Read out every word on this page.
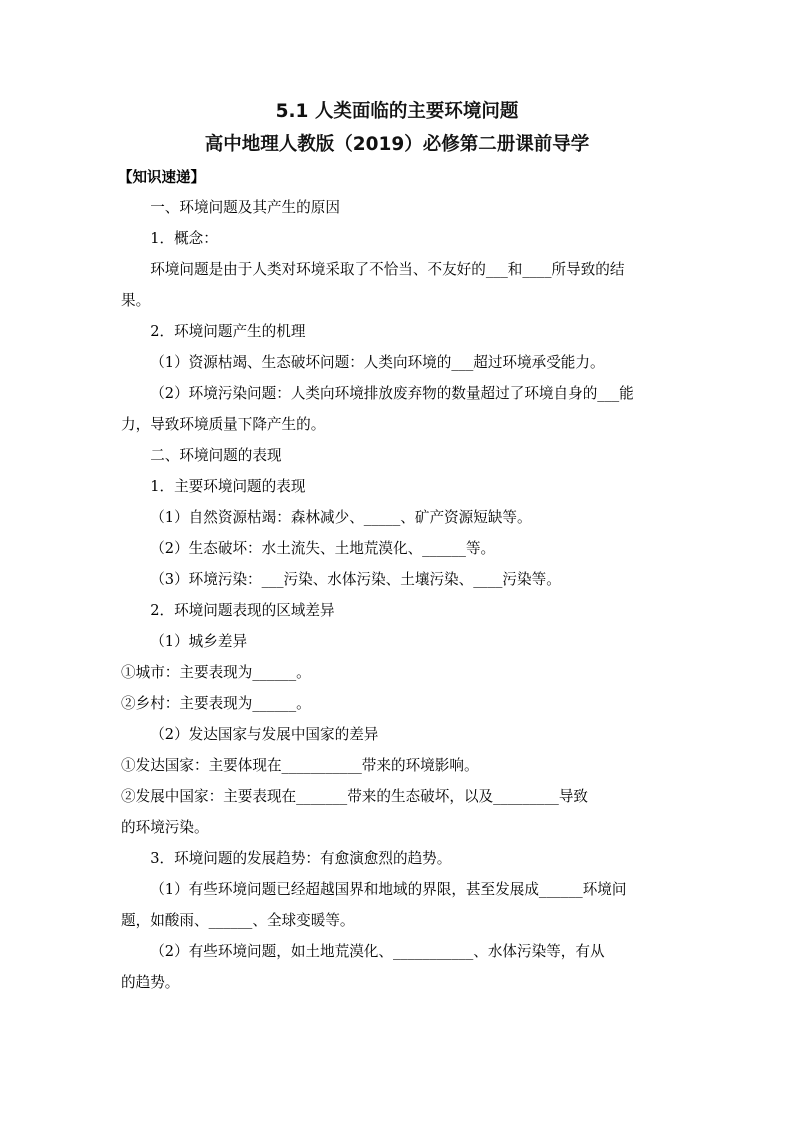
5.1 人类面临的主要环境问题
高中地理人教版（2019）必修第二册课前导学
【知识速递】

一、环境问题及其产生的原因

1．概念：

环境问题是由于人类对环境采取了不恰当、不友好的___和____所导致的结

果。

2．环境问题产生的机理

（1）资源枯竭、生态破坏问题：人类向环境的___超过环境承受能力。

（2）环境污染问题：人类向环境排放废弃物的数量超过了环境自身的___能

力，导致环境质量下降产生的。

二、环境问题的表现

1．主要环境问题的表现

（1）自然资源枯竭：森林减少、_____、矿产资源短缺等。

（2）生态破坏：水土流失、土地荒漠化、______等。

（3）环境污染：___污染、水体污染、土壤污染、____污染等。

2．环境问题表现的区域差异

（1）城乡差异

①城市：主要表现为______。

②乡村：主要表现为______。

（2）发达国家与发展中国家的差异

①发达国家：主要体现在___________带来的环境影响。

②发展中国家：主要表现在_______带来的生态破坏，以及_________导致

的环境污染。

3．环境问题的发展趋势：有愈演愈烈的趋势。

（1）有些环境问题已经超越国界和地域的界限，甚至发展成______环境问

题，如酸雨、______、全球变暖等。

（2）有些环境问题，如土地荒漠化、___________、水体污染等，有从

的趋势。
